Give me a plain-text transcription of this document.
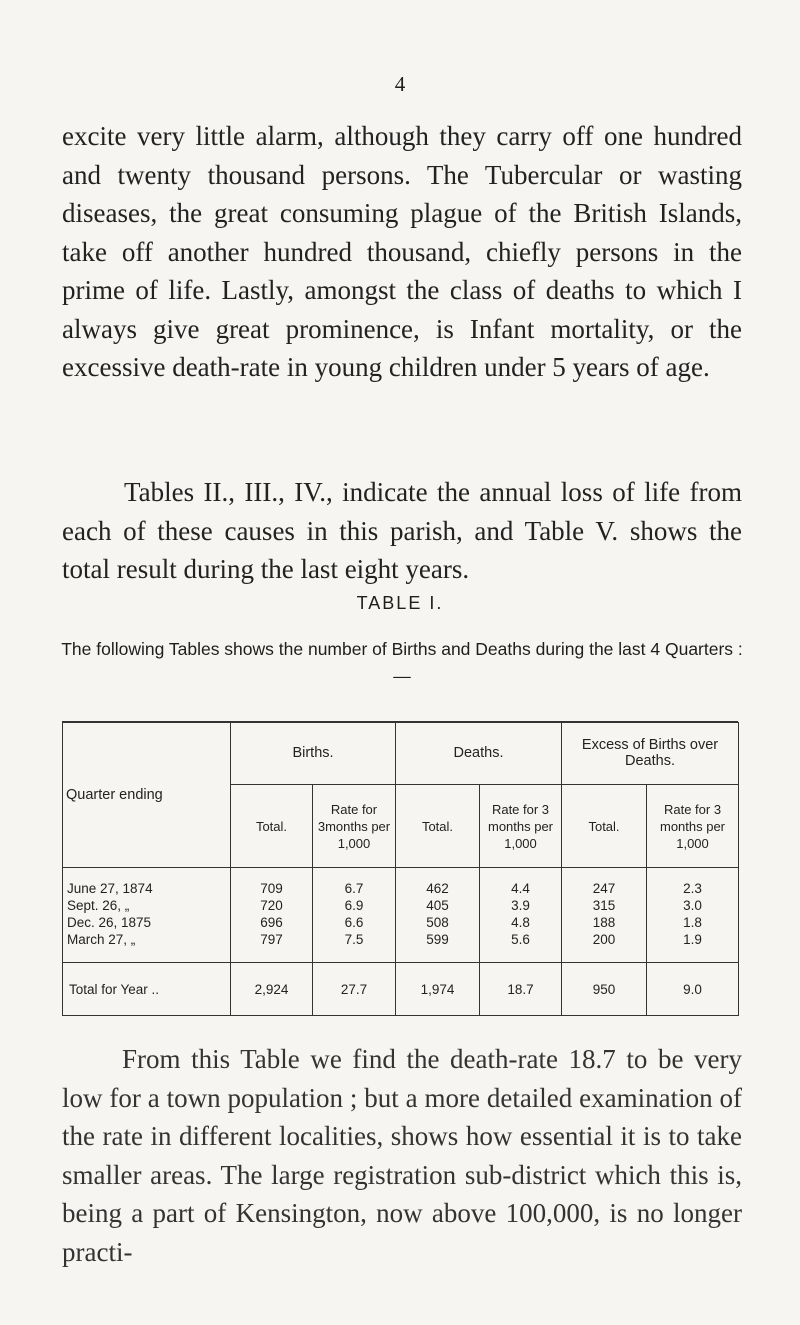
4

excite very little alarm, although they carry off one hundred and twenty thousand persons. The Tubercular or wasting diseases, the great consuming plague of the British Islands, take off another hundred thousand, chiefly persons in the prime of life. Lastly, amongst the class of deaths to which I always give great prominence, is Infant mortality, or the excessive death-rate in young children under 5 years of age.

Tables II., III., IV., indicate the annual loss of life from each of these causes in this parish, and Table V. shows the total result during the last eight years.

TABLE I.
The following Tables shows the number of Births and Deaths during the last 4 Quarters : —
Quarter ending	Births.		Deaths.		Excess of Births over Deaths.	
	Total.	Rate for 3months per 1,000	Total.	Rate for 3 months per 1,000	Total.	Rate for 3 months per 1,000

June 27, 1874	709	6.7	462	4.4	247	2.3
Sept. 26, „	720	6.9	405	3.9	315	3.0
Dec. 26, 1875	696	6.6	508	4.8	188	1.8
March 27, „	797	7.5	599	5.6	200	1.9

Total for Year ..	2,924	27.7	1,974	18.7	950	9.0

From this Table we find the death-rate 18.7 to be very low for a town population ; but a more detailed examination of the rate in different localities, shows how essential it is to take smaller areas. The large registration sub-district which this is, being a part of Kensington, now above 100,000, is no longer practi-
